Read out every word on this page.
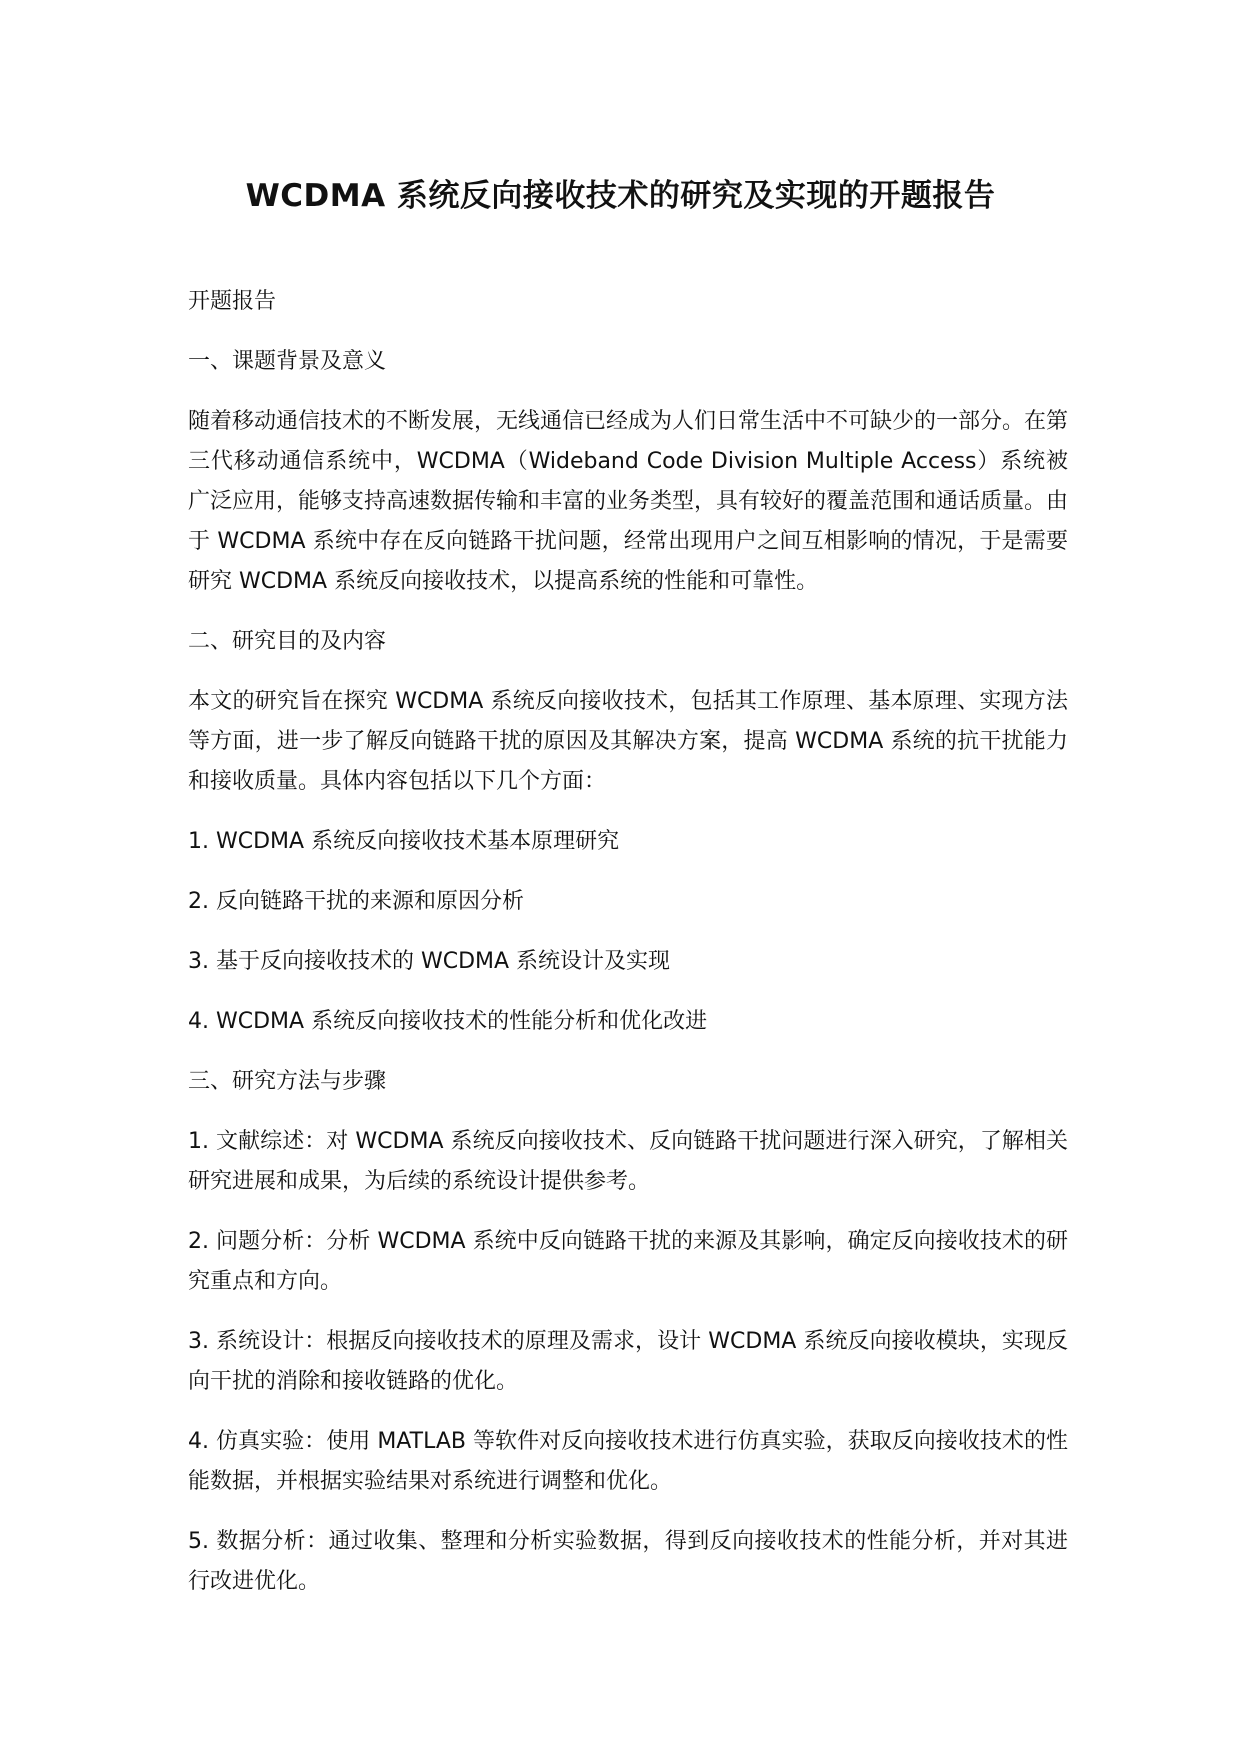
WCDMA 系统反向接收技术的研究及实现的开题报告

开题报告

一、课题背景及意义

随着移动通信技术的不断发展，无线通信已经成为人们日常生活中不可缺少的一部分。在第三代移动通信系统中，WCDMA（Wideband Code Division Multiple Access）系统被广泛应用，能够支持高速数据传输和丰富的业务类型，具有较好的覆盖范围和通话质量。由于 WCDMA 系统中存在反向链路干扰问题，经常出现用户之间互相影响的情况，于是需要研究 WCDMA 系统反向接收技术，以提高系统的性能和可靠性。

二、研究目的及内容

本文的研究旨在探究 WCDMA 系统反向接收技术，包括其工作原理、基本原理、实现方法等方面，进一步了解反向链路干扰的原因及其解决方案，提高 WCDMA 系统的抗干扰能力和接收质量。具体内容包括以下几个方面：

1. WCDMA 系统反向接收技术基本原理研究

2. 反向链路干扰的来源和原因分析

3. 基于反向接收技术的 WCDMA 系统设计及实现

4. WCDMA 系统反向接收技术的性能分析和优化改进

三、研究方法与步骤

1. 文献综述：对 WCDMA 系统反向接收技术、反向链路干扰问题进行深入研究，了解相关研究进展和成果，为后续的系统设计提供参考。

2. 问题分析：分析 WCDMA 系统中反向链路干扰的来源及其影响，确定反向接收技术的研究重点和方向。

3. 系统设计：根据反向接收技术的原理及需求，设计 WCDMA 系统反向接收模块，实现反向干扰的消除和接收链路的优化。

4. 仿真实验：使用 MATLAB 等软件对反向接收技术进行仿真实验，获取反向接收技术的性能数据，并根据实验结果对系统进行调整和优化。

5. 数据分析：通过收集、整理和分析实验数据，得到反向接收技术的性能分析，并对其进行改进优化。
